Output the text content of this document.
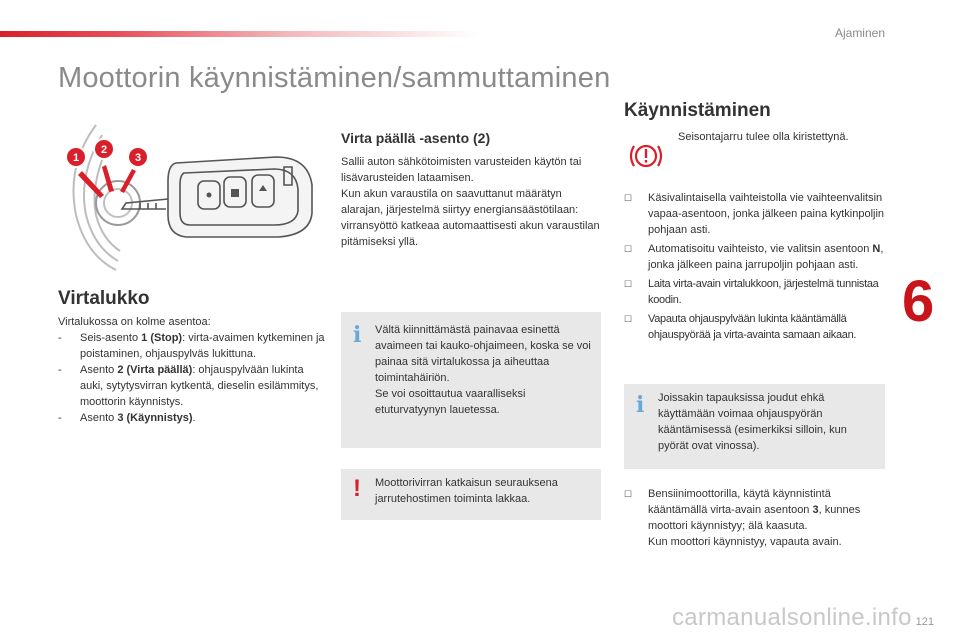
Ajaminen
6
Moottorin käynnistäminen/sammuttaminen
1
2
3
Virtalukko

Virtalukossa on kolme asentoa:

- Seis-asento 1 (Stop): virta-avaimen kytkeminen ja poistaminen, ohjauspylväs lukittuna.
- Asento 2 (Virta päällä): ohjauspylvään lukinta auki, sytytysvirran kytkentä, dieselin esilämmitys, moottorin käynnistys.
- Asento 3 (Käynnistys).
Virta päällä -asento (2)

Sallii auton sähkötoimisten varusteiden käytön tai lisävarusteiden lataamisen.

Kun akun varaustila on saavuttanut määrätyn alarajan, järjestelmä siirtyy energiansäästötilaan: virransyöttö katkeaa automaattisesti akun varaustilan pitämiseksi yllä.

i Vältä kiinnittämästä painavaa esinettä avaimeen tai kauko-ohjaimeen, koska se voi painaa sitä virtalukossa ja aiheuttaa toimintahäiriön.

Se voi osoittautua vaaralliseksi etuturvatyynyn lauetessa.

! Moottorivirran katkaisun seurauksena jarrutehostimen toiminta lakkaa.
Käynnistäminen
Seisontajarru tulee olla kiristettynä.
☐ Käsivalintaisella vaihteistolla vie vaihteenvalitsin vapaa-asentoon, jonka jälkeen paina kytkinpoljin pohjaan asti.
☐ Automatisoitu vaihteisto, vie valitsin asentoon N, jonka jälkeen paina jarrupoljin pohjaan asti.
☐ Laita virta-avain virtalukkoon, järjestelmä tunnistaa koodin.
☐ Vapauta ohjauspylvään lukinta kääntämällä ohjauspyörää ja virta-avainta samaan aikaan.
i Joissakin tapauksissa joudut ehkä käyttämään voimaa ohjauspyörän kääntämisessä (esimerkiksi silloin, kun pyörät ovat vinossa).
☐ Bensiinimoottorilla, käytä käynnistintä kääntämällä virta-avain asentoon 3, kunnes moottori käynnistyy; älä kaasuta.
Kun moottori käynnistyy, vapauta avain.
carmanualsonline.info 121
